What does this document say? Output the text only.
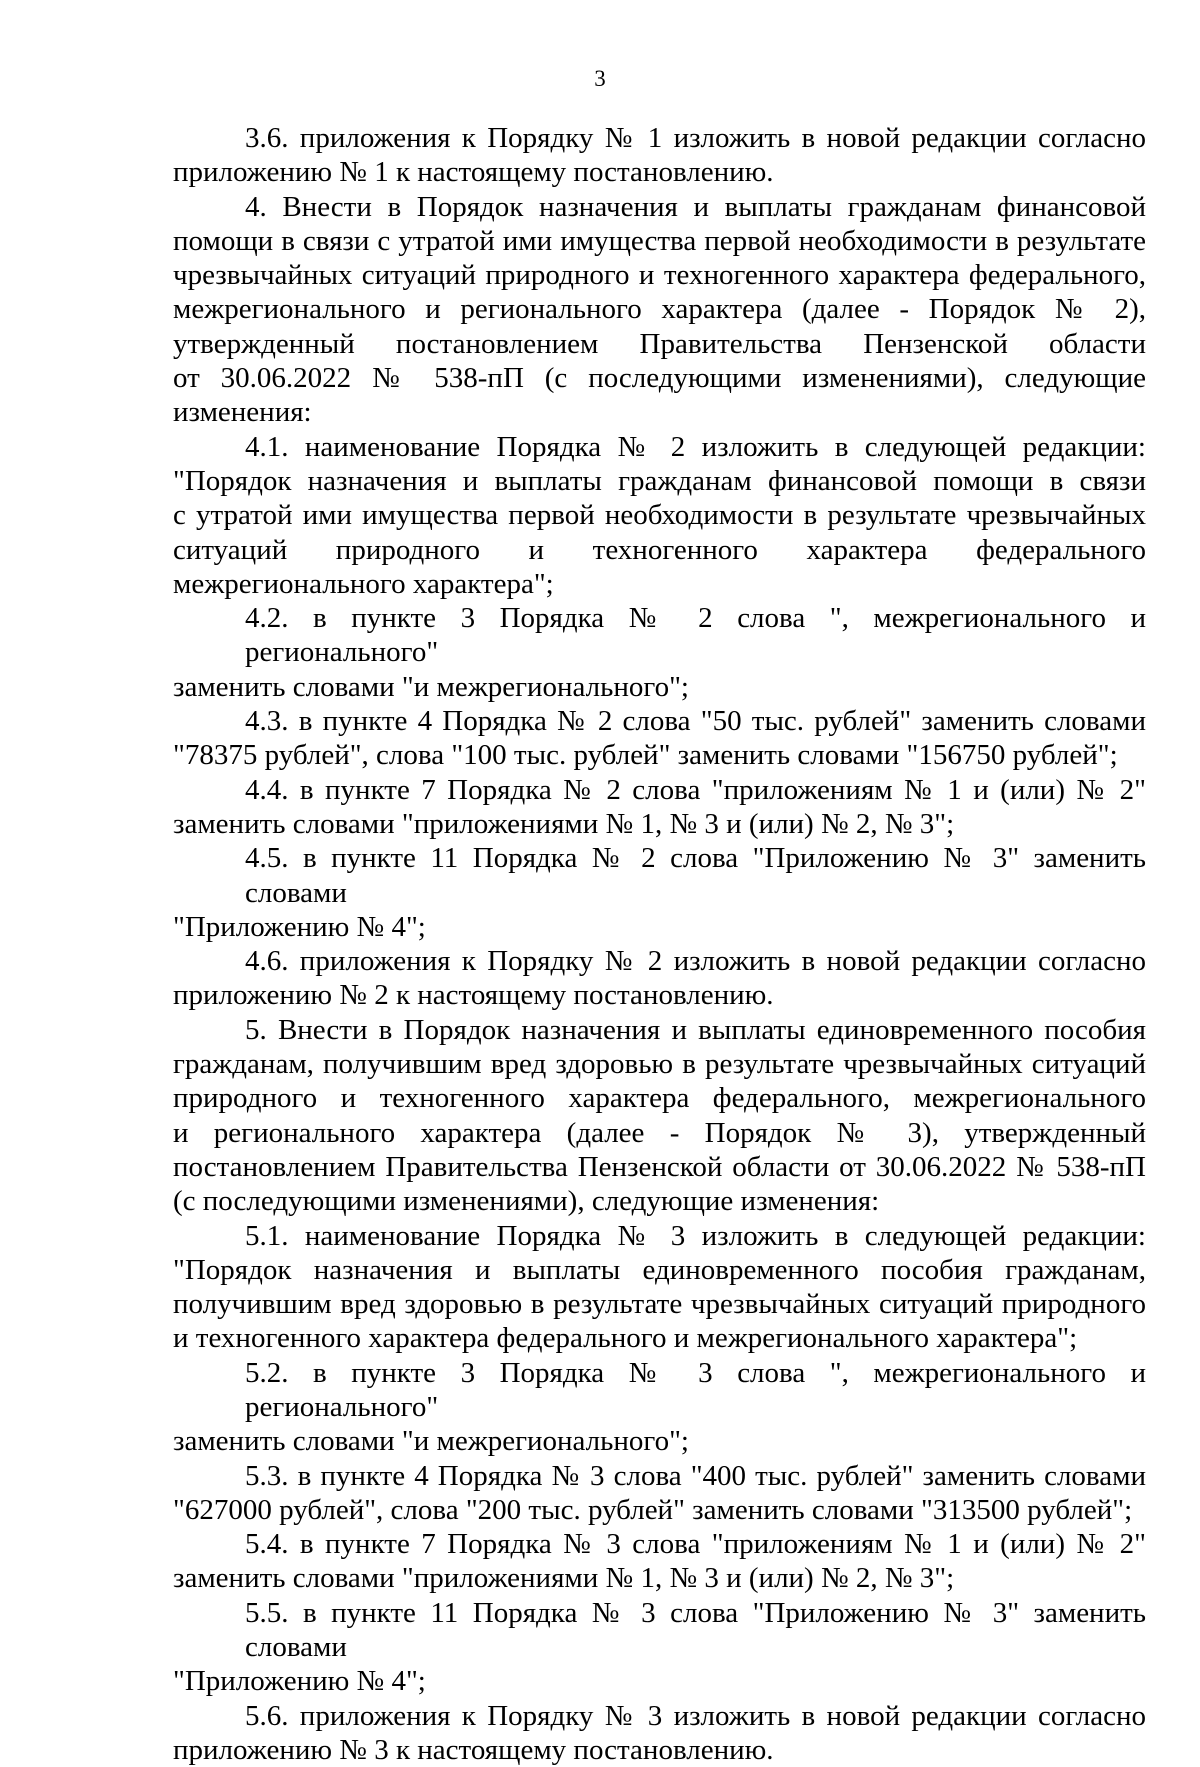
3
3.6. приложения к Порядку № 1 изложить в новой редакции согласно
приложению № 1 к настоящему постановлению.
4. Внести в Порядок назначения и выплаты гражданам финансовой
помощи в связи с утратой ими имущества первой необходимости в результате
чрезвычайных ситуаций природного и техногенного характера федерального,
межрегионального и регионального характера (далее - Порядок № 2),
утвержденный постановлением Правительства Пензенской области
от 30.06.2022 № 538-пП (с последующими изменениями), следующие изменения:
4.1. наименование Порядка № 2 изложить в следующей редакции:
"Порядок назначения и выплаты гражданам финансовой помощи в связи
с утратой ими имущества первой необходимости в результате чрезвычайных
ситуаций природного и техногенного характера федерального
межрегионального характера";
4.2. в пункте 3 Порядка № 2 слова ", межрегионального и регионального"
заменить словами "и межрегионального";
4.3. в пункте 4 Порядка № 2 слова "50 тыс. рублей" заменить словами
"78375 рублей", слова "100 тыс. рублей" заменить словами "156750 рублей";
4.4. в пункте 7 Порядка № 2 слова "приложениям № 1 и (или) № 2"
заменить словами "приложениями № 1, № 3 и (или) № 2, № 3";
4.5. в пункте 11 Порядка № 2 слова "Приложению № 3" заменить словами
"Приложению № 4";
4.6. приложения к Порядку № 2 изложить в новой редакции согласно
приложению № 2 к настоящему постановлению.
5. Внести в Порядок назначения и выплаты единовременного пособия
гражданам, получившим вред здоровью в результате чрезвычайных ситуаций
природного и техногенного характера федерального, межрегионального
и регионального характера (далее - Порядок № 3), утвержденный
постановлением Правительства Пензенской области от 30.06.2022 № 538-пП
(с последующими изменениями), следующие изменения:
5.1. наименование Порядка № 3 изложить в следующей редакции:
"Порядок назначения и выплаты единовременного пособия гражданам,
получившим вред здоровью в результате чрезвычайных ситуаций природного
и техногенного характера федерального и межрегионального характера";
5.2. в пункте 3 Порядка № 3 слова ", межрегионального и регионального"
заменить словами "и межрегионального";
5.3. в пункте 4 Порядка № 3 слова "400 тыс. рублей" заменить словами
"627000 рублей", слова "200 тыс. рублей" заменить словами "313500 рублей";
5.4. в пункте 7 Порядка № 3 слова "приложениям № 1 и (или) № 2"
заменить словами "приложениями № 1, № 3 и (или) № 2, № 3";
5.5. в пункте 11 Порядка № 3 слова "Приложению № 3" заменить словами
"Приложению № 4";
5.6. приложения к Порядку № 3 изложить в новой редакции согласно
приложению № 3 к настоящему постановлению.
